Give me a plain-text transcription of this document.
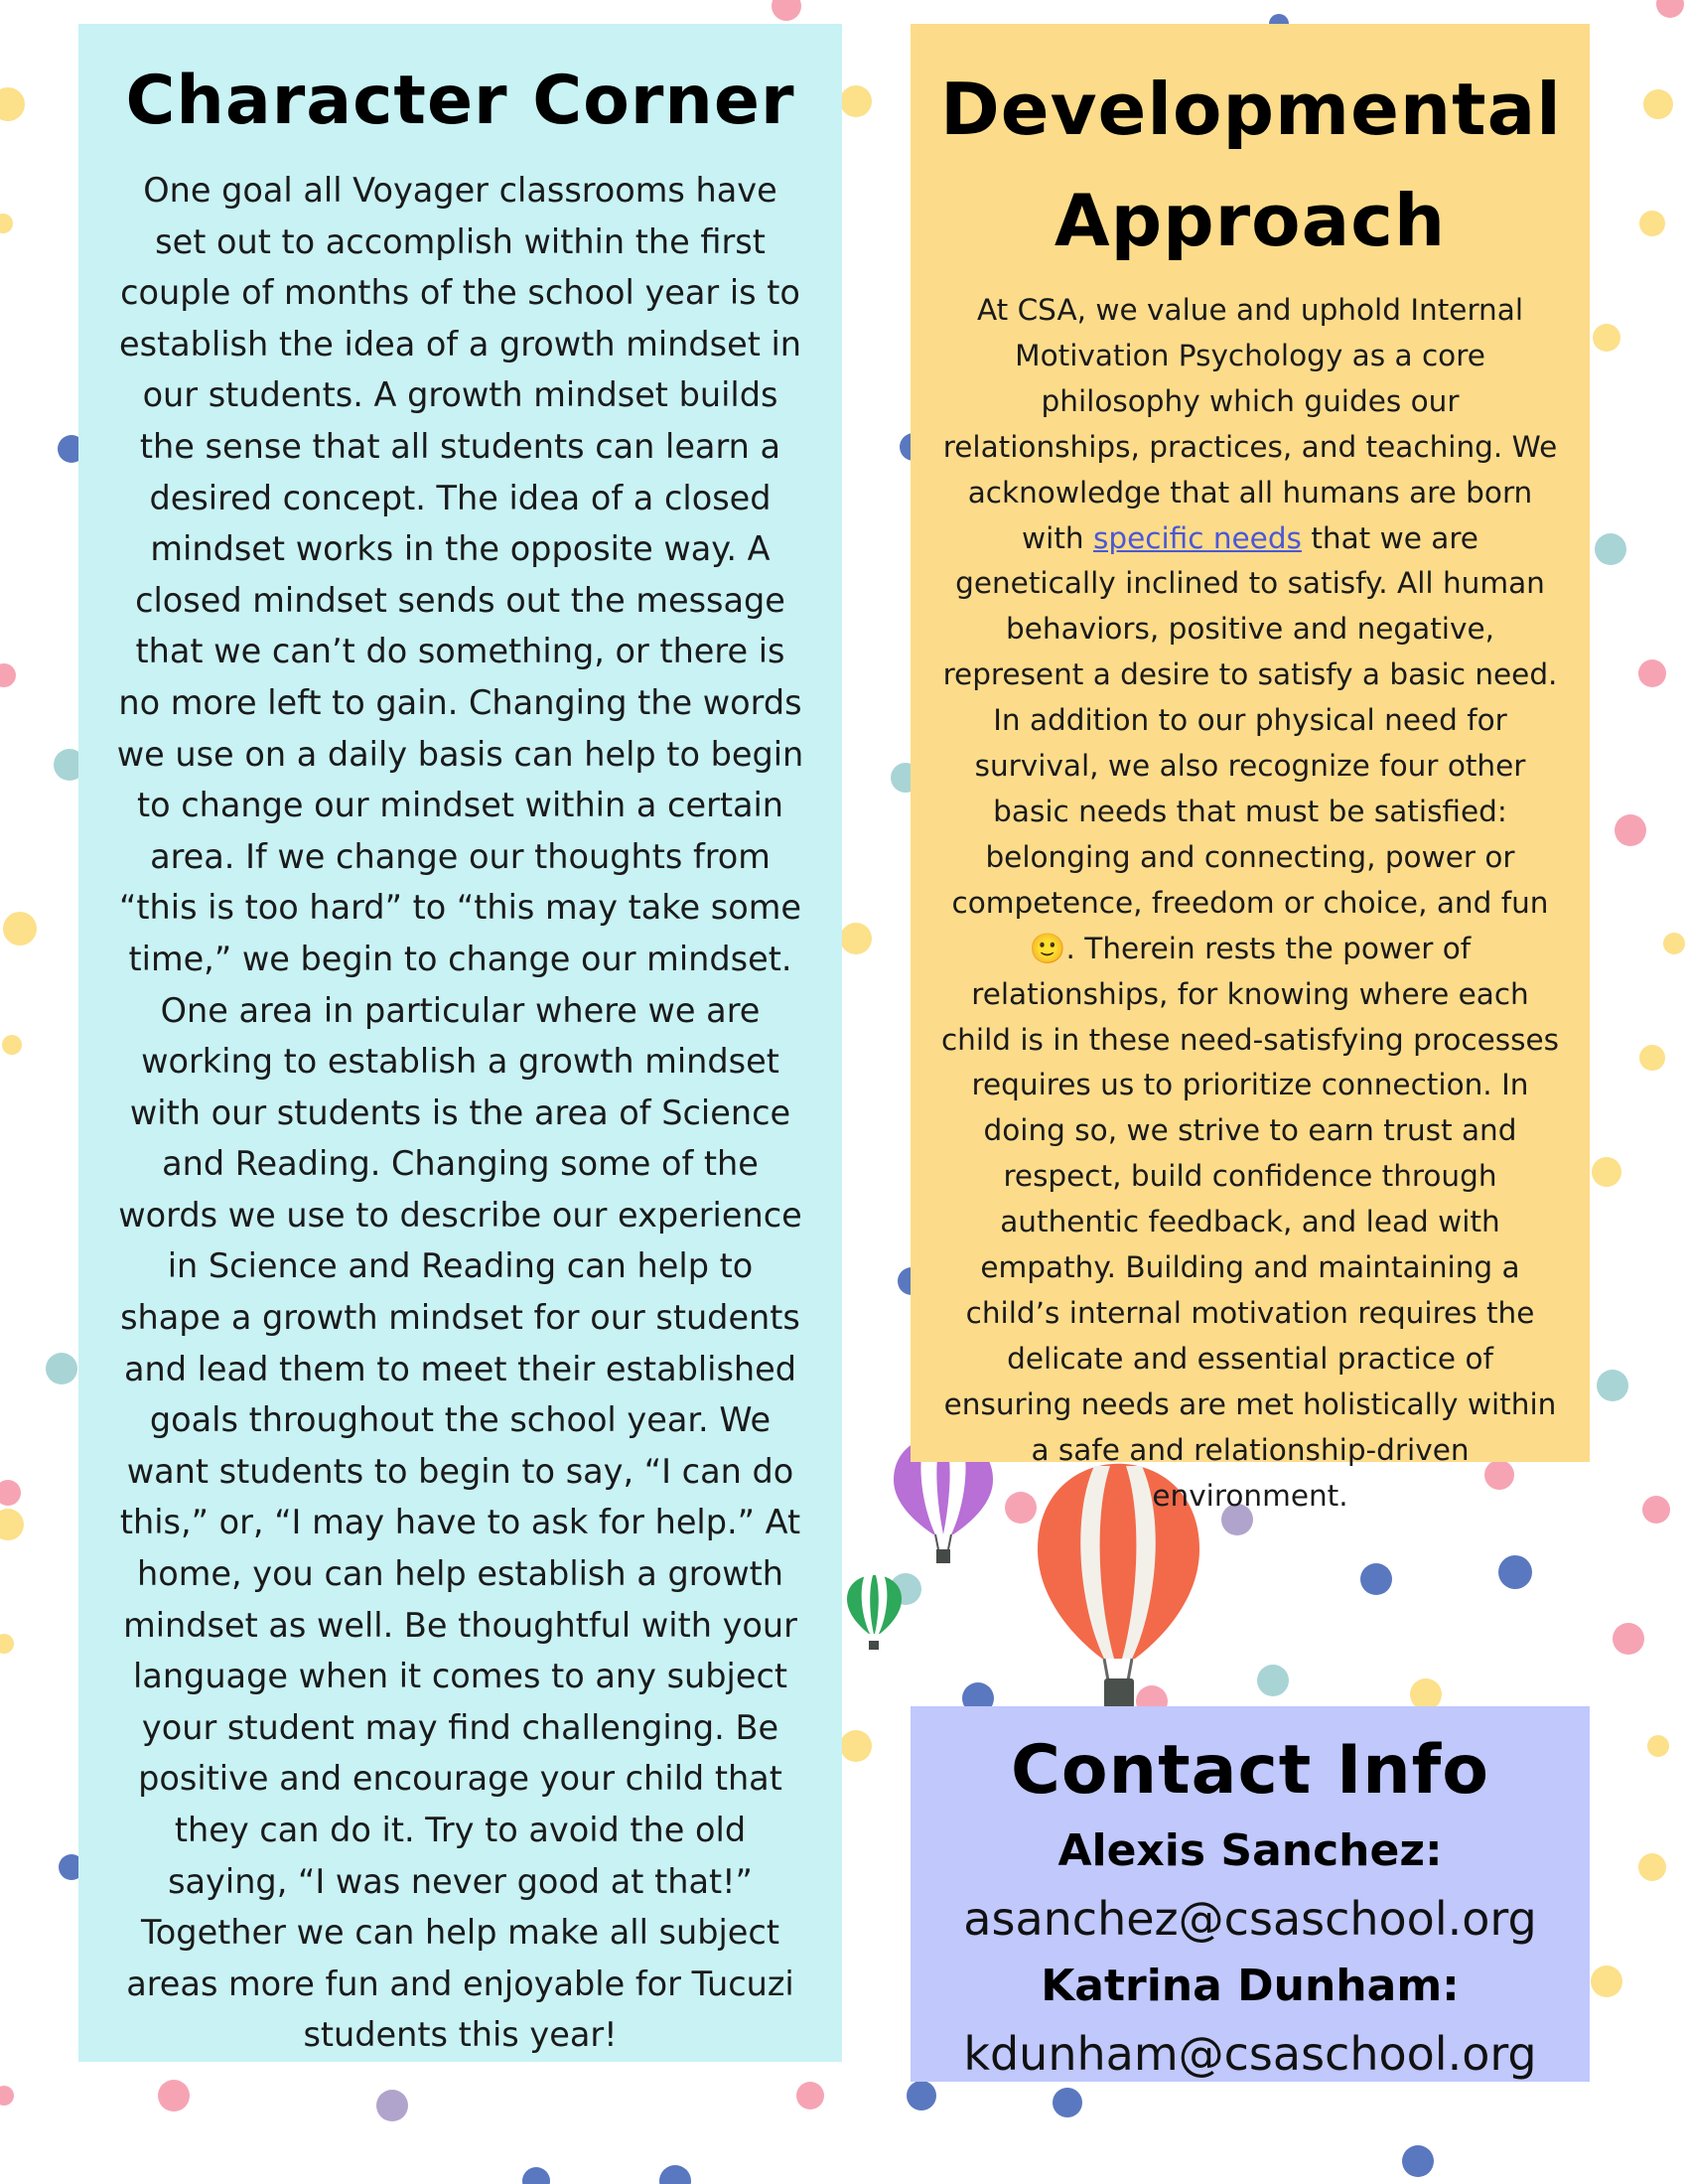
Character Corner

One goal all Voyager classrooms have set out to accomplish within the first couple of months of the school year is to establish the idea of a growth mindset in our students. A growth mindset builds the sense that all students can learn a desired concept. The idea of a closed mindset works in the opposite way. A closed mindset sends out the message that we can’t do something, or there is no more left to gain. Changing the words we use on a daily basis can help to begin to change our mindset within a certain area. If we change our thoughts from “this is too hard” to “this may take some time,” we begin to change our mindset. One area in particular where we are working to establish a growth mindset with our students is the area of Science and Reading. Changing some of the words we use to describe our experience in Science and Reading can help to shape a growth mindset for our students and lead them to meet their established goals throughout the school year. We want students to begin to say, “I can do this,” or, “I may have to ask for help.” At home, you can help establish a growth mindset as well. Be thoughtful with your language when it comes to any subject your student may find challenging. Be positive and encourage your child that they can do it. Try to avoid the old saying, “I was never good at that!” Together we can help make all subject areas more fun and enjoyable for Tucuzi students this year!

Developmental Approach

At CSA, we value and uphold Internal Motivation Psychology as a core philosophy which guides our relationships, practices, and teaching. We acknowledge that all humans are born with specific needs that we are genetically inclined to satisfy. All human behaviors, positive and negative, represent a desire to satisfy a basic need. In addition to our physical need for survival, we also recognize four other basic needs that must be satisfied: belonging and connecting, power or competence, freedom or choice, and fun 🙂. Therein rests the power of relationships, for knowing where each child is in these need-satisfying processes requires us to prioritize connection. In doing so, we strive to earn trust and respect, build confidence through authentic feedback, and lead with empathy. Building and maintaining a child’s internal motivation requires the delicate and essential practice of ensuring needs are met holistically within a safe and relationship-driven environment.

Contact Info
Alexis Sanchez:
asanchez@csaschool.org
Katrina Dunham:
kdunham@csaschool.org
